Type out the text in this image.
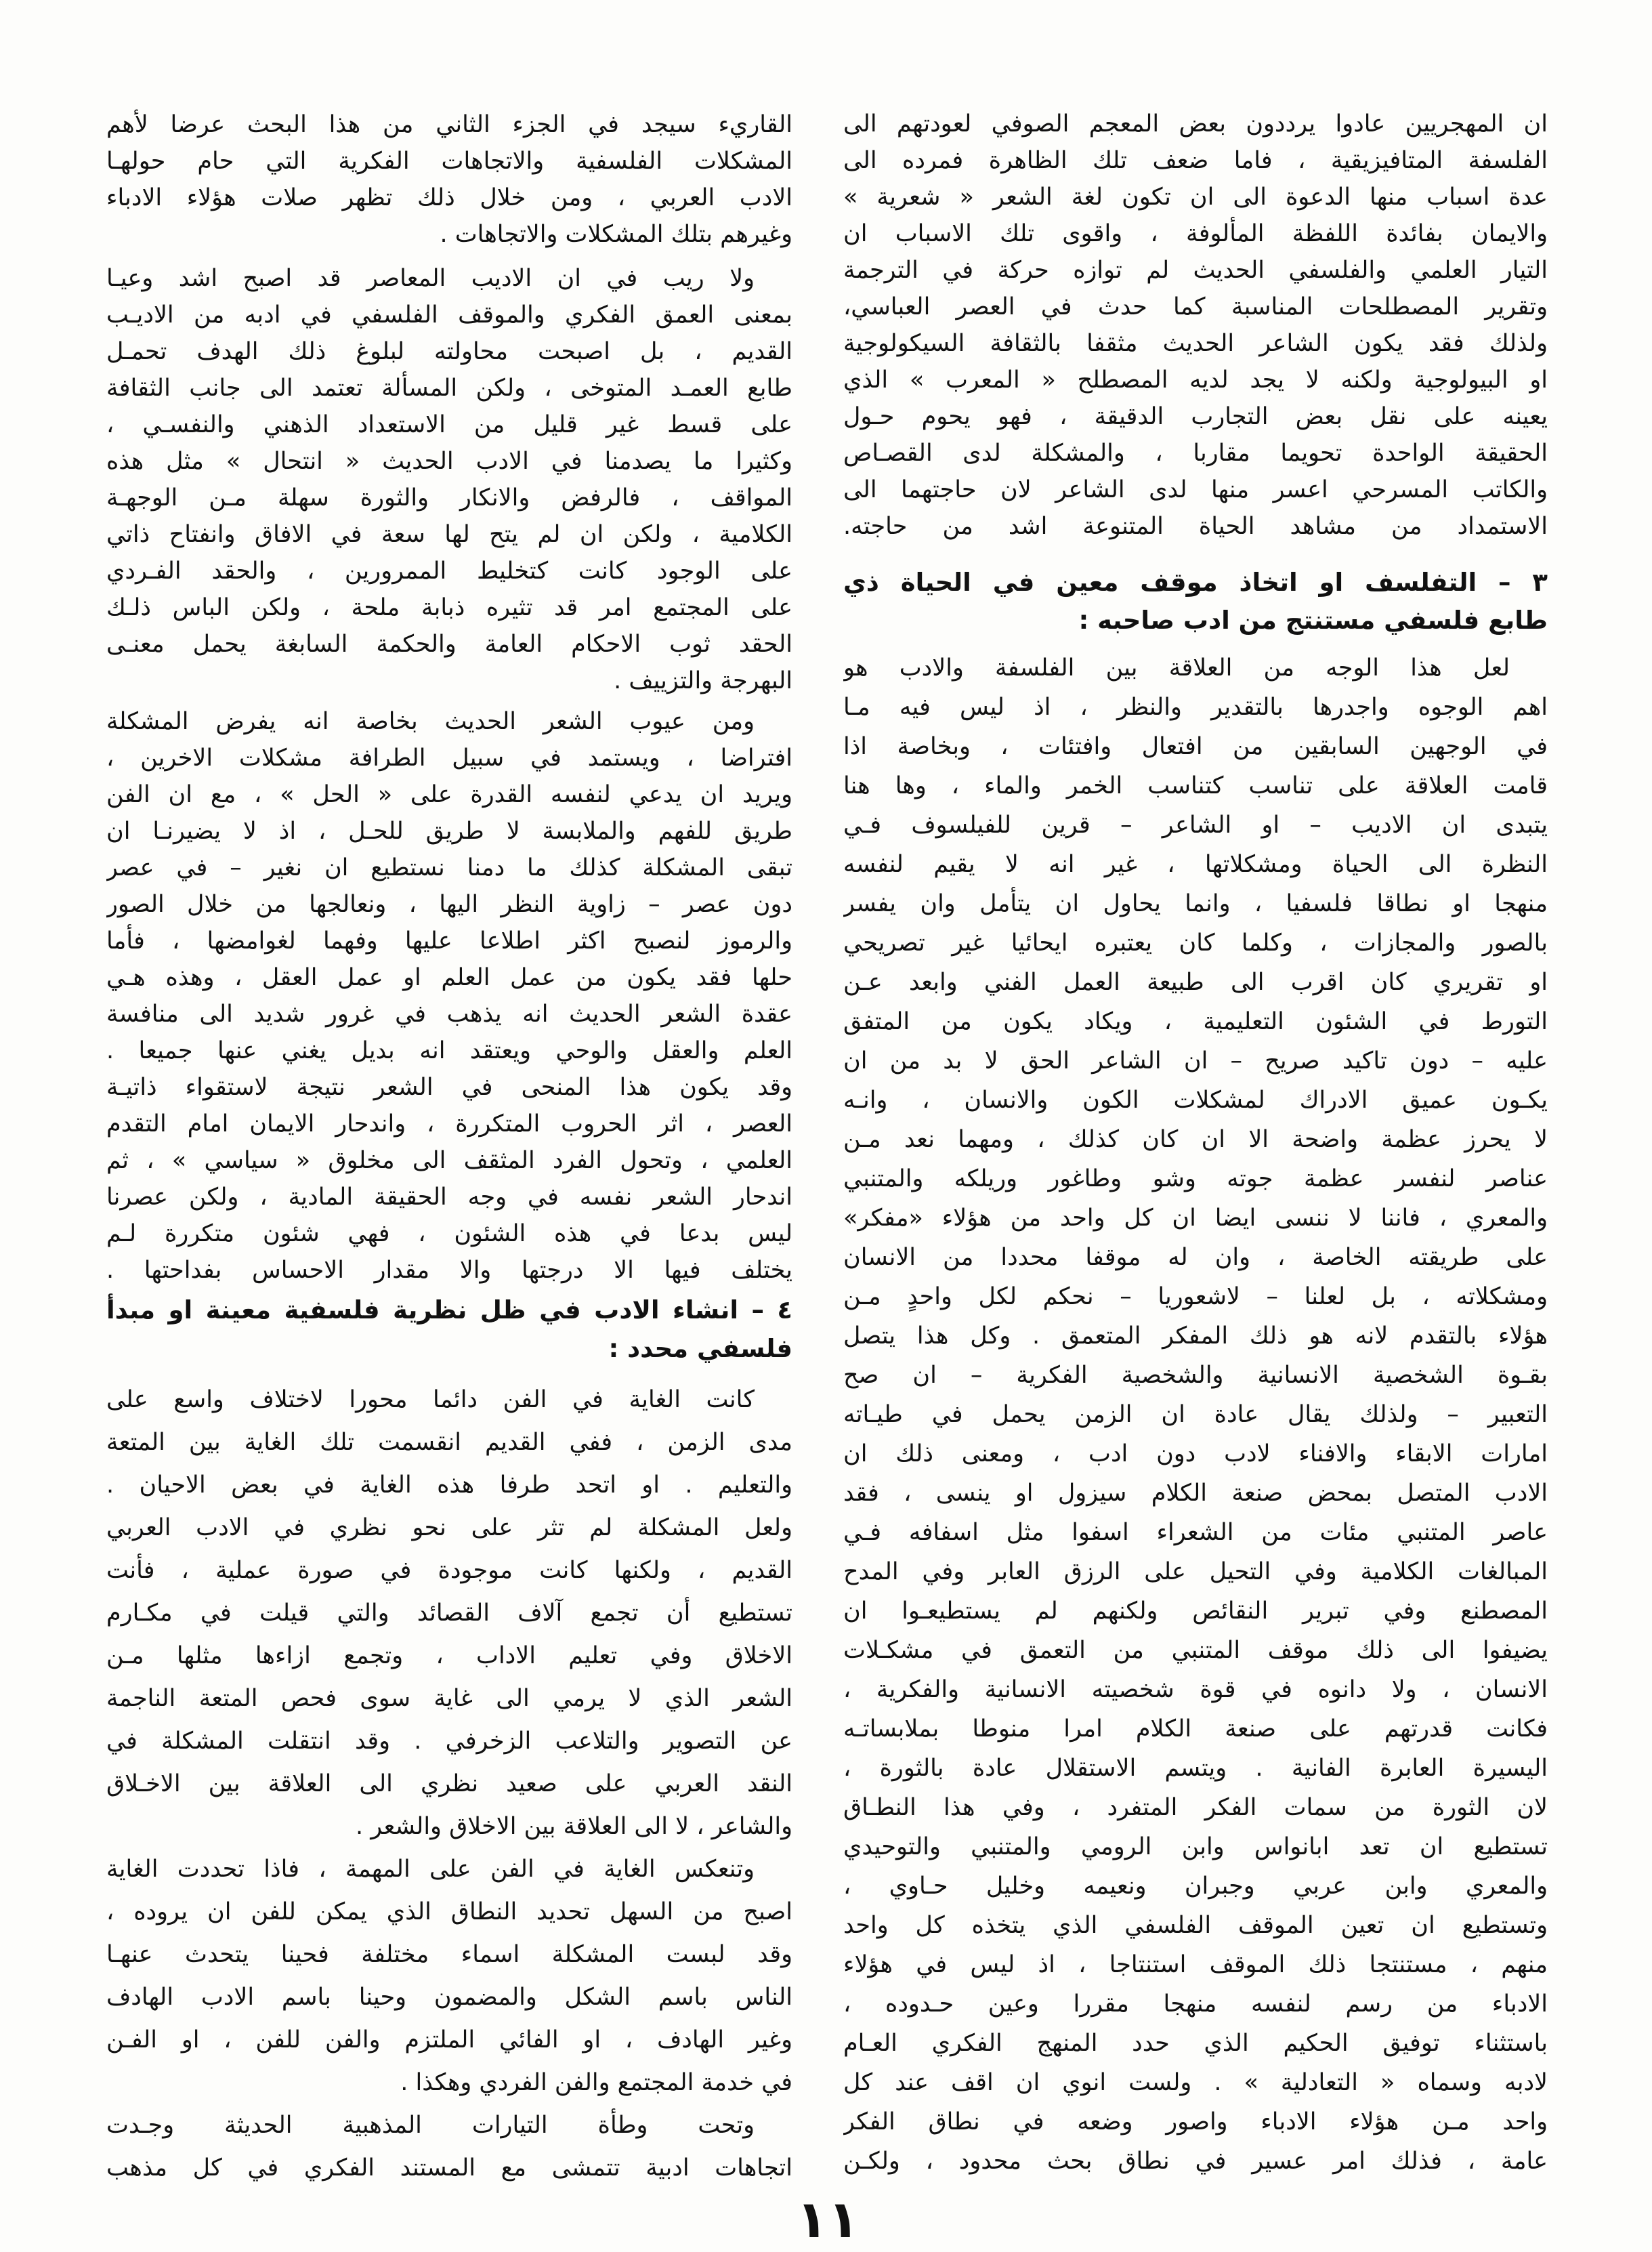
ان المهجريين عادوا يرددون بعض المعجم الصوفي لعودتهم الى
الفلسفة المتافيزيقية ، فاما ضعف تلك الظاهرة فمرده الى
عدة اسباب منها الدعوة الى ان تكون لغة الشعر « شعرية »
والايمان بفائدة اللفظة المألوفة ، واقوى تلك الاسباب ان
التيار العلمي والفلسفي الحديث لم توازه حركة في الترجمة
وتقرير المصطلحات المناسبة كما حدث في العصر العباسي،
ولذلك فقد يكون الشاعر الحديث مثقفا بالثقافة السيكولوجية
او البيولوجية ولكنه لا يجد لديه المصطلح « المعرب » الذي
يعينه على نقل بعض التجارب الدقيقة ، فهو يحوم حـول
الحقيقة الواحدة تحويما مقاربا ، والمشكلة لدى القصـاص
والكاتب المسرحي اعسر منها لدى الشاعر لان حاجتهما الى
الاستمداد من مشاهد الحياة المتنوعة اشد من حاجته.
٣ – التفلسف او اتخاذ موقف معين في الحياة ذي
طابع فلسفي مستنتج من ادب صاحبه :
لعل هذا الوجه من العلاقة بين الفلسفة والادب هو
اهم الوجوه واجدرها بالتقدير والنظر ، اذ ليس فيه مـا
في الوجهين السابقين من افتعال وافتئات ، وبخاصة اذا
قامت العلاقة على تناسب كتناسب الخمر والماء ، وها هنا
يتبدى ان الاديب – او الشاعر – قرين للفيلسوف فـي
النظرة الى الحياة ومشكلاتها ، غير انه لا يقيم لنفسه
منهجا او نطاقا فلسفيا ، وانما يحاول ان يتأمل وان يفسر
بالصور والمجازات ، وكلما كان يعتبره ايحائيا غير تصريحي
او تقريري كان اقرب الى طبيعة العمل الفني وابعد عـن
التورط في الشئون التعليمية ، ويكاد يكون من المتفق
عليه – دون تاكيد صريح – ان الشاعر الحق لا بد من ان
يكـون عميق الادراك لمشكلات الكون والانسان ، وانـه
لا يحرز عظمة واضحة الا ان كان كذلك ، ومهما نعد مـن
عناصر لنفسر عظمة جوته وشو وطاغور وريلكه والمتنبي
والمعري ، فاننا لا ننسى ايضا ان كل واحد من هؤلاء «مفكر»
على طريقته الخاصة ، وان له موقفا محددا من الانسان
ومشكلاته ، بل لعلنا – لاشعوريا – نحكم لكل واحدٍ مـن
هؤلاء بالتقدم لانه هو ذلك المفكر المتعمق . وكل هذا يتصل
بقـوة الشخصية الانسانية والشخصية الفكرية – ان صح
التعبير – ولذلك يقال عادة ان الزمن يحمل في طيـاته
امارات الابقاء والافناء لادب دون ادب ، ومعنى ذلك ان
الادب المتصل بمحض صنعة الكلام سيزول او ينسى ، فقد
عاصر المتنبي مئات من الشعراء اسفوا مثل اسفافه فـي
المبالغات الكلامية وفي التحيل على الرزق العابر وفي المدح
المصطنع وفي تبرير النقائص ولكنهم لم يستطيعـوا ان
يضيفوا الى ذلك موقف المتنبي من التعمق في مشكـلات
الانسان ، ولا دانوه في قوة شخصيته الانسانية والفكرية ،
فكانت قدرتهم على صنعة الكلام امرا منوطا بملابساتـه
اليسيرة العابرة الفانية . ويتسم الاستقلال عادة بالثورة ،
لان الثورة من سمات الفكر المتفرد ، وفي هذا النطـاق
تستطيع ان تعد ابانواس وابن الرومي والمتنبي والتوحيدي
والمعري وابن عربي وجبران ونعيمه وخليل حـاوي ،
وتستطيع ان تعين الموقف الفلسفي الذي يتخذه كل واحد
منهم ، مستنتجا ذلك الموقف استنتاجا ، اذ ليس في هؤلاء
الادباء من رسم لنفسه منهجا مقررا وعين حـدوده ،
باستثناء توفيق الحكيم الذي حدد المنهج الفكري العـام
لادبه وسماه « التعادلية » . ولست انوي ان اقف عند كل
واحد مـن هؤلاء الادباء واصور وضعه في نطاق الفكر
عامة ، فذلك امر عسير في نطاق بحث محدود ، ولكـن
القاريء سيجد في الجزء الثاني من هذا البحث عرضا لأهم
المشكلات الفلسفية والاتجاهات الفكرية التي حام حولهـا
الادب العربي ، ومن خلال ذلك تظهر صلات هؤلاء الادباء
وغيرهم بتلك المشكلات والاتجاهات .
ولا ريب في ان الاديب المعاصر قد اصبح اشد وعيـا
بمعنى العمق الفكري والموقف الفلسفي في ادبه من الاديـب
القديم ، بل اصبحت محاولته لبلوغ ذلك الهدف تحمـل
طابع العمـد المتوخى ، ولكن المسألة تعتمد الى جانب الثقافة
على قسط غير قليل من الاستعداد الذهني والنفسـي ،
وكثيرا ما يصدمنا في الادب الحديث « انتحال » مثل هذه
المواقف ، فالرفض والانكار والثورة سهلة مـن الوجهـة
الكلامية ، ولكن ان لم يتح لها سعة في الافاق وانفتاح ذاتي
على الوجود كانت كتخليط الممرورين ، والحقد الفـردي
على المجتمع امر قد تثيره ذبابة ملحة ، ولكن الباس ذلـك
الحقد ثوب الاحكام العامة والحكمة السابغة يحمل معنـى
البهرجة والتزييف .
ومن عيوب الشعر الحديث بخاصة انه يفرض المشكلة
افتراضا ، ويستمد في سبيل الطرافة مشكلات الاخرين ،
ويريد ان يدعي لنفسه القدرة على « الحل » ، مع ان الفن
طريق للفهم والملابسة لا طريق للحـل ، اذ لا يضيرنـا ان
تبقى المشكلة كذلك ما دمنا نستطيع ان نغير – في عصر
دون عصر – زاوية النظر اليها ، ونعالجها من خلال الصور
والرموز لنصبح اكثر اطلاعا عليها وفهما لغوامضها ، فأما
حلها فقد يكون من عمل العلم او عمل العقل ، وهذه هـي
عقدة الشعر الحديث انه يذهب في غرور شديد الى منافسة
العلم والعقل والوحي ويعتقد انه بديل يغني عنها جميعا .
وقد يكون هذا المنحى في الشعر نتيجة لاستقواء ذاتيـة
العصر ، اثر الحروب المتكررة ، واندحار الايمان امام التقدم
العلمي ، وتحول الفرد المثقف الى مخلوق « سياسي » ، ثم
اندحار الشعر نفسه في وجه الحقيقة المادية ، ولكن عصرنا
ليس بدعا في هذه الشئون ، فهي شئون متكررة لـم
يختلف فيها الا درجتها والا مقدار الاحساس بفداحتها .
٤ – انشاء الادب في ظل نظرية فلسفية معينة او مبدأ
فلسفي محدد :
كانت الغاية في الفن دائما محورا لاختلاف واسع على
مدى الزمن ، ففي القديم انقسمت تلك الغاية بين المتعة
والتعليم . او اتحد طرفا هذه الغاية في بعض الاحيان .
ولعل المشكلة لم تثر على نحو نظري في الادب العربي
القديم ، ولكنها كانت موجودة في صورة عملية ، فأنت
تستطيع أن تجمع آلاف القصائد والتي قيلت في مكـارم
الاخلاق وفي تعليم الاداب ، وتجمع ازاءها مثلها مـن
الشعر الذي لا يرمي الى غاية سوى فحص المتعة الناجمة
عن التصوير والتلاعب الزخرفي . وقد انتقلت المشكلة في
النقد العربي على صعيد نظري الى العلاقة بين الاخـلاق
والشاعر ، لا الى العلاقة بين الاخلاق والشعر .
وتنعكس الغاية في الفن على المهمة ، فاذا تحددت الغاية
اصبح من السهل تحديد النطاق الذي يمكن للفن ان يروده ،
وقد لبست المشكلة اسماء مختلفة فحينا يتحدث عنهـا
الناس باسم الشكل والمضمون وحينا باسم الادب الهادف
وغير الهادف ، او الفائي الملتزم والفن للفن ، او الفـن
في خدمة المجتمع والفن الفردي وهكذا .
وتحت وطأة التيارات المذهبية الحديثة وجـدت
اتجاهات ادبية تتمشى مع المستند الفكري في كل مذهب
١١
